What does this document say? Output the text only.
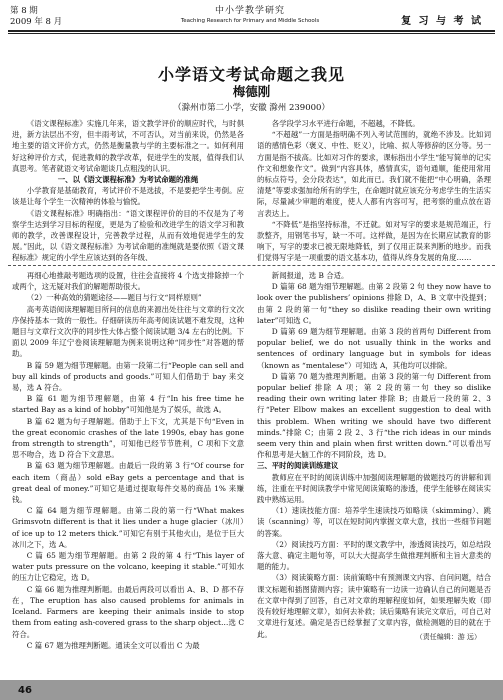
第 8 期
2009 年 8 月
中小学教学研究
Teaching Research for Primary and Middle Schools	复 习 与 考 试
小学语文考试命题之我见
梅德刚
（滁州市第二小学，安徽 滁州 239000）

《语文课程标准》实施几年来，语文教学评价的顺应时代，与时俱进，新方法层出不穷，但丰雨考试，不可否认，对当前来说，仍然是各地主要的语文评价方式，仍然是衡量教与学的主要标准之一。如何利用好这种评价方式，促进教师的教学改革，促进学生的发展，值得我们认真思考。笔者就语文考试命题谈几点粗浅的认识。

一、以《语文课程标准》为考试命题的准绳

小学教育是基础教育，考试评价不是选拔，不是要把学生考倒。应该是让每个学生一次精神的体验与愉悦。

《语文课程标准》明确指出：“语文课程评价的目的不仅是为了考察学生达到学习目标的程度，更是为了检验和改进学生的语文学习和教师的教学，改善课程设计，完善教学过程，从而有效地促进学生的发展。”因此，以《语文课程标准》为考试命题的准绳就是要依照《语文课程标准》规定的小学生应该达到的各年级、

各学段学习水平进行命题，不超越，不降低。

“不超越”一方面是指明确不列入考试范围的，就绝不涉及。比如词语的感情色彩（褒义、中性、贬义），比喻、拟人等修辞的区分等。另一方面是指不拔高。比如对习作的要求，课标指出小学生“能写简单的记实作文和想象作文”。做到“内容具体，感情真实，语句通顺，能使用常用的标点符号，会分段表达”，如此而已。我们就不能把“中心明确，条理清楚”等要求强加给所有的学生，在命题时就应该充分考虑学生的生活实际，尽量减少审题的难度，使人人都有内容可写，把考察的重点放在语言表达上。

“不降低”是指坚持标准，不迁就。如对写字的要求是规范端正，行款整齐，用钢笔书写，缺一不可。这样做，是因为在长期应试教育的影响下，写字的要求已被无限地降低，到了仅用正误来判断的地步。而我们觉得写字是一项重要的语文基本功，值得从终身发展的角度……

再细心地推敲考题选项的设置，往往会直接将 4 个选支排除掉一个或两个，这无疑对我们的解题帮助很大。

（2）一种高效的猜题途径——题目与行文“同样原则”

高考英语阅读理解题目所问的信息的来源出处往往与文章的行文次序保持基本一致的一般性。仔细研读历年高考阅读试题不难发现，这种题目与文章行文次序的同步性大体占整个阅读试题 3/4 左右的比例。下面以 2009 年辽宁卷阅读理解题为例来说明这种“同步性”对答题的帮助。

B 篇 59 题为细节理解题。由第一段第二行“People can sell and buy all kinds of products and goods.”可知人们借助于 bay 来交易，选 A 符合。

B 篇 61 题为细节理解题，由第 4 行“In his free time he started Bay as a kind of hobby”可知他是为了娱乐，故选 A。

B 篇 62 题为句子理解题。借助于上下文，尤其是下句“Even in the great economic crashes of the late 1990s, ebay has gone from strength to strength”，可知他已经节节胜利，C 项和下文意思不吻合，选 D 符合下文意思。

B 篇 63 题为细节理解题。由最后一段的第 3 行“Of course for each item（商品）sold eBay gets a percentage and that is great deal of money.”可知它是通过提取每件交易的商品 1% 来赚钱。

C 篇 64 题为细节理解题。由第二段的第一行“What makes Grimsvotn different is that it lies under a huge glacier（冰川）of ice up to 12 meters thick.”可知它有别于其他火山，是位于巨大冰川之下，选 A。

C 篇 65 题为细节理解题。由第 2 段的第 4 行“This layer of water puts pressure on the volcano, keeping it stable.”可知水的压力让它稳定，选 D。

C 篇 66 题为推理判断题。由最后两段可以看出 A、B、D 都不存在，The eruption has also caused problems for animals in Iceland. Farmers are keeping their animals inside to stop them from eating ash-covered grass to the sharp object…选 C 符合。

C 篇 67 题为推理判断题。通读全文可以看出 C 为最

新闻报道，选 B 合适。

D 篇第 68 题为细节理解题。由第 2 段第 2 句 they now have to look over the publishers’ opinions 排除 D，A、B 文章中没提到；由第 2 段的第一句“they so dislike reading their own writing later”可知选 C。

D 篇第 69 题为细节理解题。由第 3 段的首两句 Different from popular belief, we do not usually think in the works and sentences of ordinary language but in symbols for ideas（known as “mentalese”）可知选 A，其他均可以排除。

D 篇第 70 题为推理判断题。由第 3 段的第一句 Different from popular belief 排除 A 项；第 2 段的第一句 they so dislike reading their own writing later 排除 B；由最后一段的第 2、3 行“Peter Elbow makes an excellent suggestion to deal with this problem. When writing we should have two different minds.”排除 C；由第 2 段 2、3 行“the rich ideas in our minds seem very thin and plain when first written down.”可以看出写作和思考是大脑工作的不同阶段，选 D。

三、平时的阅读训练建议

教师应在平时的阅读训练中加强阅读理解题的做题技巧的讲解和训练，注重在平时阅读教学中常见阅读策略的渗透，使学生能够在阅读实践中熟练运用。

（1）速读技能方面：培养学生速读技巧如略读（skimming）、跳读（scanning）等，可以在短时间内掌握文章大意，找出一些细节问题的答案。

（2）阅读技巧方面：平时的课文教学中，渗透阅读技巧，如总结段落大意、确定主题句等，可以大大提高学生做推理判断和主旨大意类的题的能力。

（3）阅读策略方面：读前策略中有预测课文内容、自问问题，结合课文标题和插图猜测内容；读中策略有一边读一边确认自己的问题是否在文章中得到了回答，自己对文章的理解程度如何，如果理解失败（即没有较好地理解文章），如何去补救；读后策略有读完文章后，可自己对文章进行复述。确定是否已经掌握了文章内容，做检测题的目的就在于此。	（责任编辑：游 远）
46
